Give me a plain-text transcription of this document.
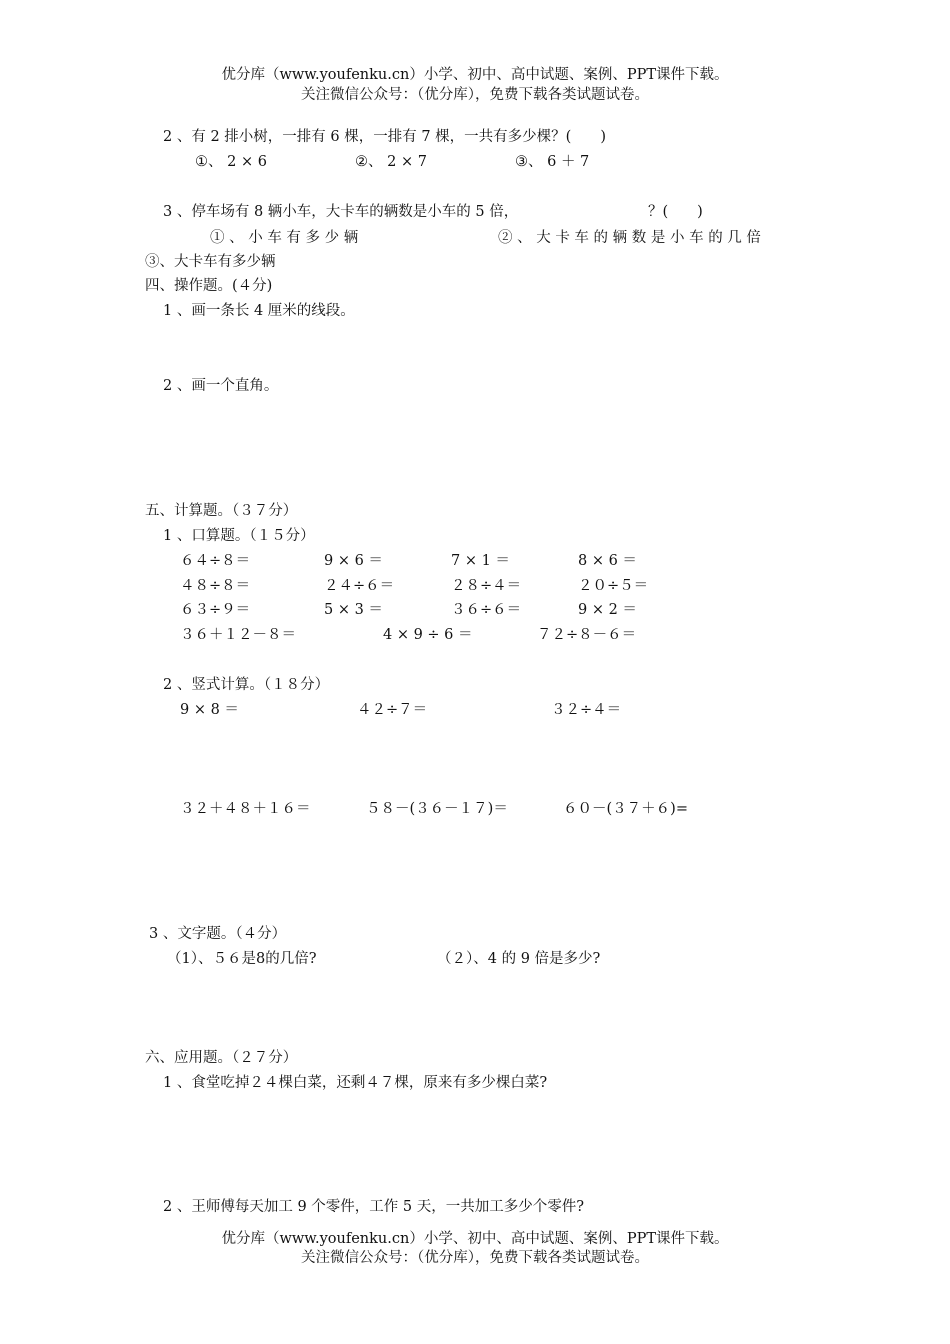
优分库（www.youfenku.cn）小学、初中、高中试题、案例、PPT课件下载。
关注微信公众号：（优分库），免费下载各类试题试卷。
2 、有 2 排小树，一排有 6 棵，一排有 7 棵，一共有多少棵？(　　)
①、 2 × 6	②、 2 × 7	③、 6 ＋ 7
3 、停车场有 8 辆小车，大卡车的辆数是小车的 5 倍，	？(　　)
① 、 小 车 有 多 少 辆	② 、 大 卡 车 的 辆 数 是 小 车 的 几 倍
③、大卡车有多少辆
四、操作题。(４分)
1 、画一条长 4 厘米的线段。
2 、画一个直角。
五、计算题。（３７分）
1 、口算题。（１５分）
６４÷８＝	9 × 6 ＝	7 × 1 ＝	8 × 6 ＝
４８÷８＝	２４÷６＝	２８÷４＝	２０÷５＝
６３÷９＝	5 × 3 ＝	３６÷６＝	9 × 2 ＝
３６＋１２－８＝	4 × 9 ÷ 6 ＝	７２÷８－６＝
2 、竖式计算。（１８分）
9 × 8 ＝	４２÷７＝	３２÷４＝
３２＋４８＋１６＝	５８－(３６－１７)＝	６０－(３７＋６)=
3 、文字题。（４分）
（1）、５６是8的几倍?	（２）、4 的 9 倍是多少?
六、应用题。（２７分）
1 、食堂吃掉２４棵白菜，还剩４７棵，原来有多少棵白菜?
2 、王师傅每天加工 9 个零件，工作 5 天，一共加工多少个零件?
优分库（www.youfenku.cn）小学、初中、高中试题、案例、PPT课件下载。
关注微信公众号：（优分库），免费下载各类试题试卷。
